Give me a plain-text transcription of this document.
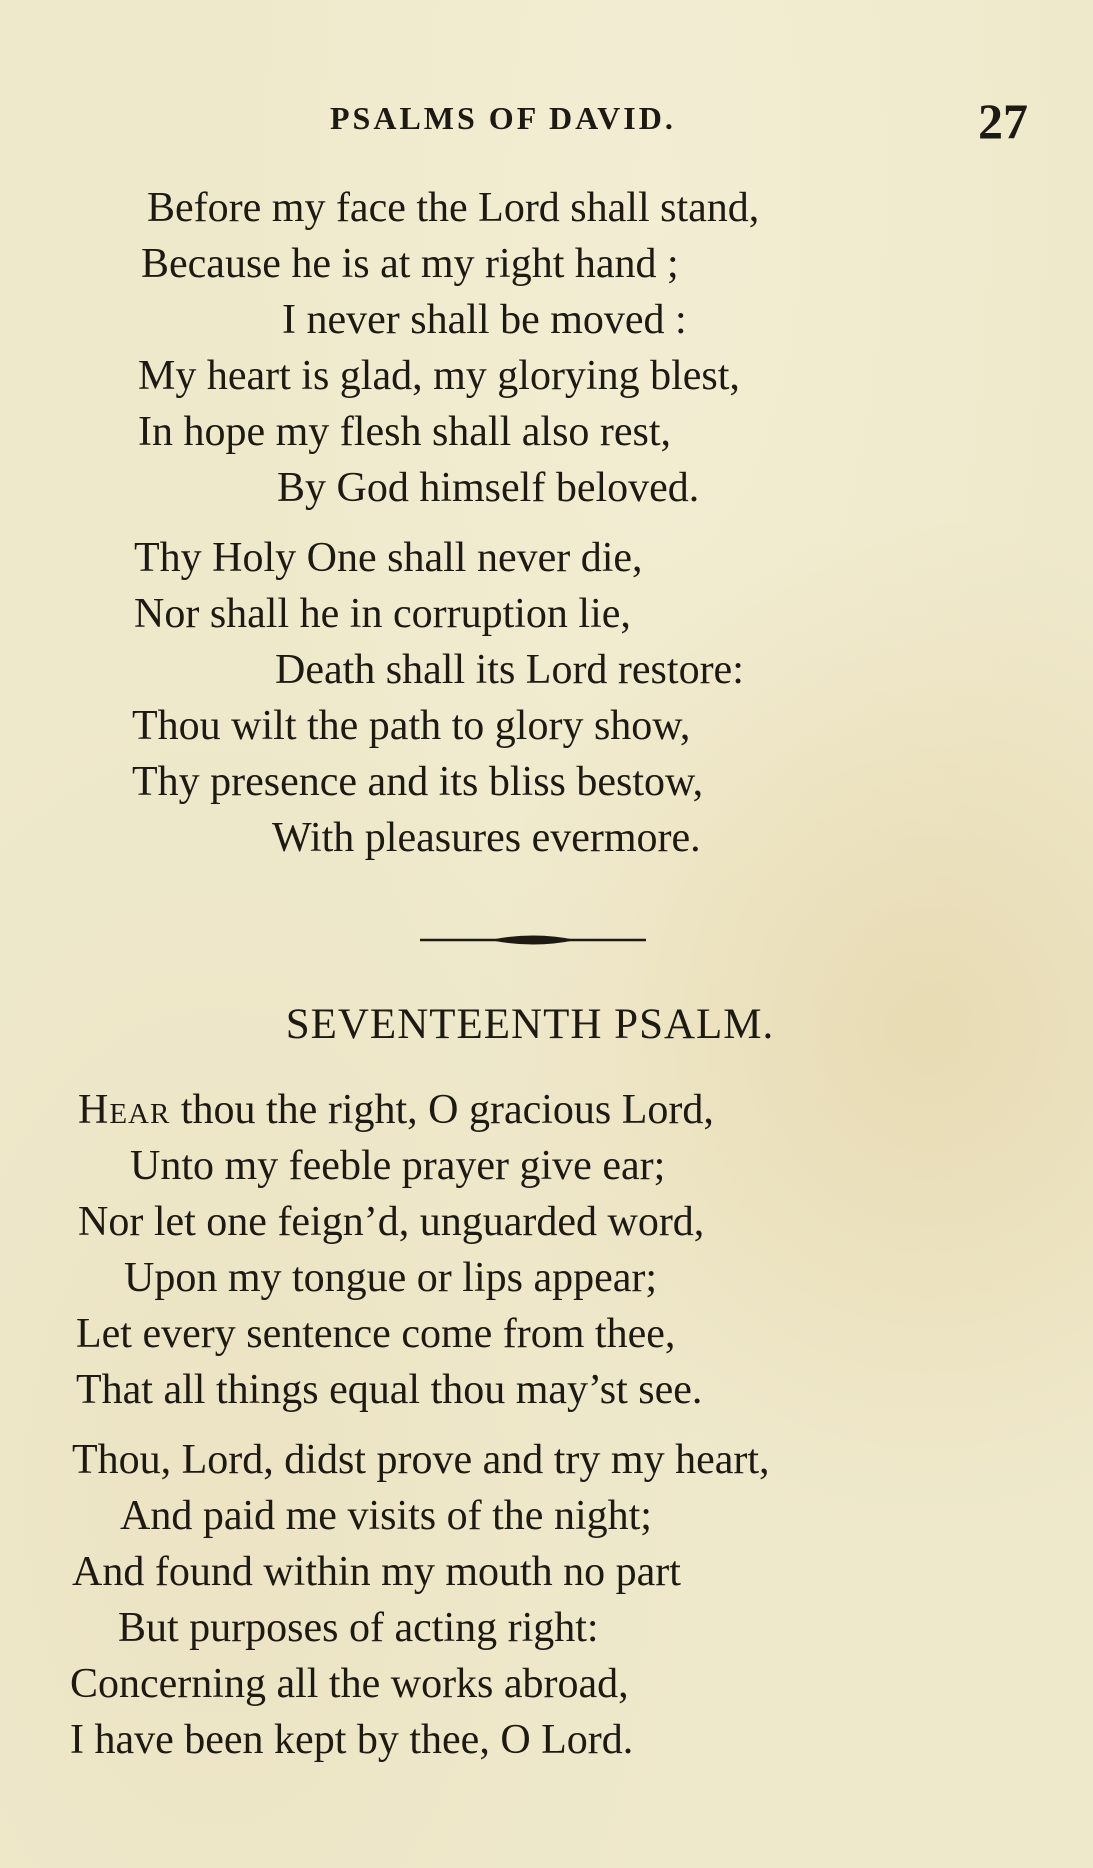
PSALMS OF DAVID.	27
Before my face the Lord shall stand,
Because he is at my right hand ;
I never shall be moved :
My heart is glad, my glorying blest,
In hope my flesh shall also rest,
By God himself beloved.
Thy Holy One shall never die,
Nor shall he in corruption lie,
Death shall its Lord restore:
Thou wilt the path to glory show,
Thy presence and its bliss bestow,
With pleasures evermore.
SEVENTEENTH PSALM.
Hear thou the right, O gracious Lord,
Unto my feeble prayer give ear;
Nor let one feign’d, unguarded word,
Upon my tongue or lips appear;
Let every sentence come from thee,
That all things equal thou may’st see.
Thou, Lord, didst prove and try my heart,
And paid me visits of the night;
And found within my mouth no part
But purposes of acting right:
Concerning all the works abroad,
I have been kept by thee, O Lord.
